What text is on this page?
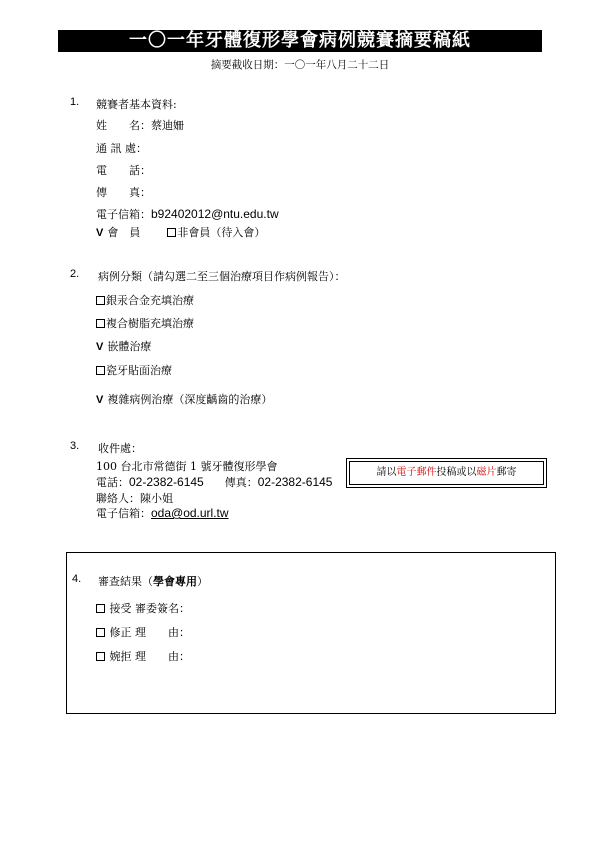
一〇一年牙體復形學會病例競賽摘要稿紙
摘要截收日期：一〇一年八月二十二日
1. 競賽者基本資料:
姓　　名：蔡迪姍
通 訊 處：
電　　話：
傳　　真：
電子信箱：b92402012@ntu.edu.tw
V 會　員	非會員（待入會）
2. 病例分類（請勾選二至三個治療項目作病例報告）：
銀汞合金充填治療
複合樹脂充填治療
V 嵌體治療
瓷牙貼面治療
V 複雜病例治療（深度齲齒的治療）
3. 收件處：
100 台北市常德街 1 號牙體復形學會
電話：02-2382-6145 傳真：02-2382-6145
聯絡人：陳小姐
電子信箱：oda@od.url.tw
請以電子郵件投稿或以磁片郵寄
4. 審查結果（學會專用）
接受 審委簽名：
修正 理　　由：
婉拒 理　　由：
